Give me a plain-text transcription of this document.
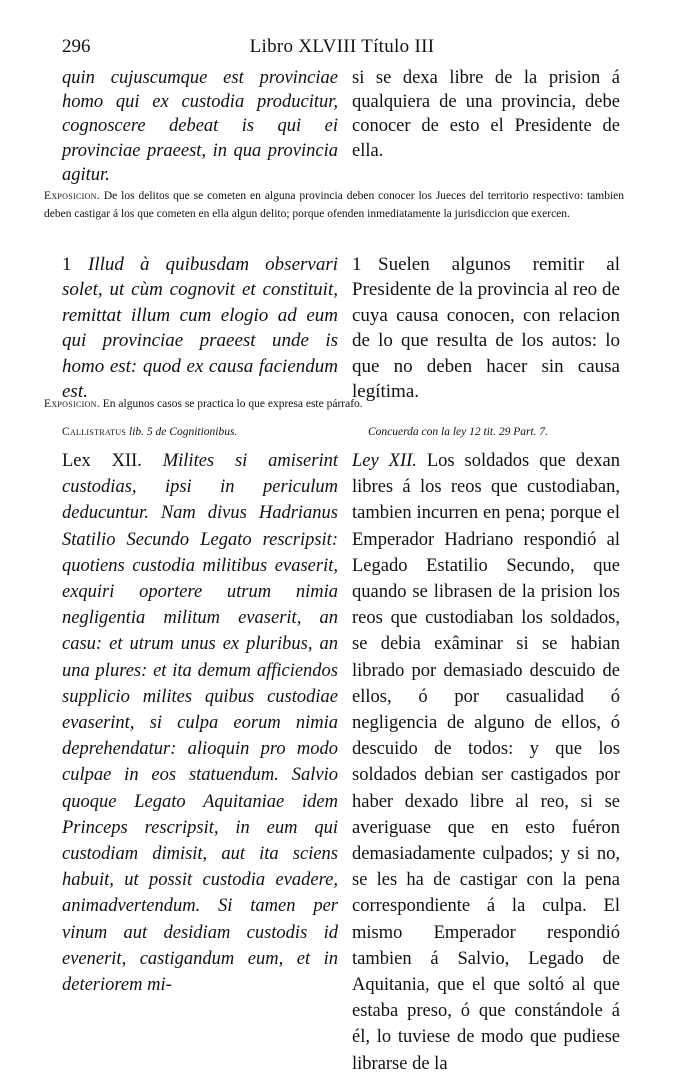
296	Libro XLVIII Título III
quin cujuscumque est provinciae homo qui ex custodia producitur, cognoscere debeat is qui ei provinciae praeest, in qua provincia agitur.
si se dexa libre de la prision á qualquiera de una provincia, debe conocer de esto el Presidente de ella.
Exposicion. De los delitos que se cometen en alguna provincia deben conocer los Jueces del territorio respectivo: tambien deben castigar á los que cometen en ella algun delito; porque ofenden inmediatamente la jurisdiccion que exercen.
1 Illud à quibusdam observari solet, ut cùm cognovit et constituit, remittat illum cum elogio ad eum qui provinciae praeest unde is homo est: quod ex causa faciendum est.
1 Suelen algunos remitir al Presidente de la provincia al reo de cuya causa conocen, con relacion de lo que resulta de los autos: lo que no deben hacer sin causa legítima.
Exposicion. En algunos casos se practica lo que expresa este párrafo.
Callistratus lib. 5 de Cognitionibus.	Concuerda con la ley 12 tit. 29 Part. 7.
Lex XII. Milites si amiserint custodias, ipsi in periculum deducuntur. Nam divus Hadrianus Statilio Secundo Legato rescripsit: quotiens custodia militibus evaserit, exquiri oportere utrum nimia negligentia militum evaserit, an casu: et utrum unus ex pluribus, an una plures: et ita demum afficiendos supplicio milites quibus custodiae evaserint, si culpa eorum nimia deprehendatur: alioquin pro modo culpae in eos statuendum. Salvio quoque Legato Aquitaniae idem Princeps rescripsit, in eum qui custodiam dimisit, aut ita sciens habuit, ut possit custodia evadere, animadvertendum. Si tamen per vinum aut desidiam custodis id evenerit, castigandum eum, et in deteriorem mi-
Ley XII. Los soldados que dexan libres á los reos que custodiaban, tambien incurren en pena; porque el Emperador Hadriano respondió al Legado Estatilio Secundo, que quando se librasen de la prision los reos que custodiaban los soldados, se debia exâminar si se habian librado por demasiado descuido de ellos, ó por casualidad ó negligencia de alguno de ellos, ó descuido de todos: y que los soldados debian ser castigados por haber dexado libre al reo, si se averiguase que en esto fuéron demasiadamente culpados; y si no, se les ha de castigar con la pena correspondiente á la culpa. El mismo Emperador respondió tambien á Salvio, Legado de Aquitania, que el que soltó al que estaba preso, ó que constándole á él, lo tuviese de modo que pudiese librarse de la
